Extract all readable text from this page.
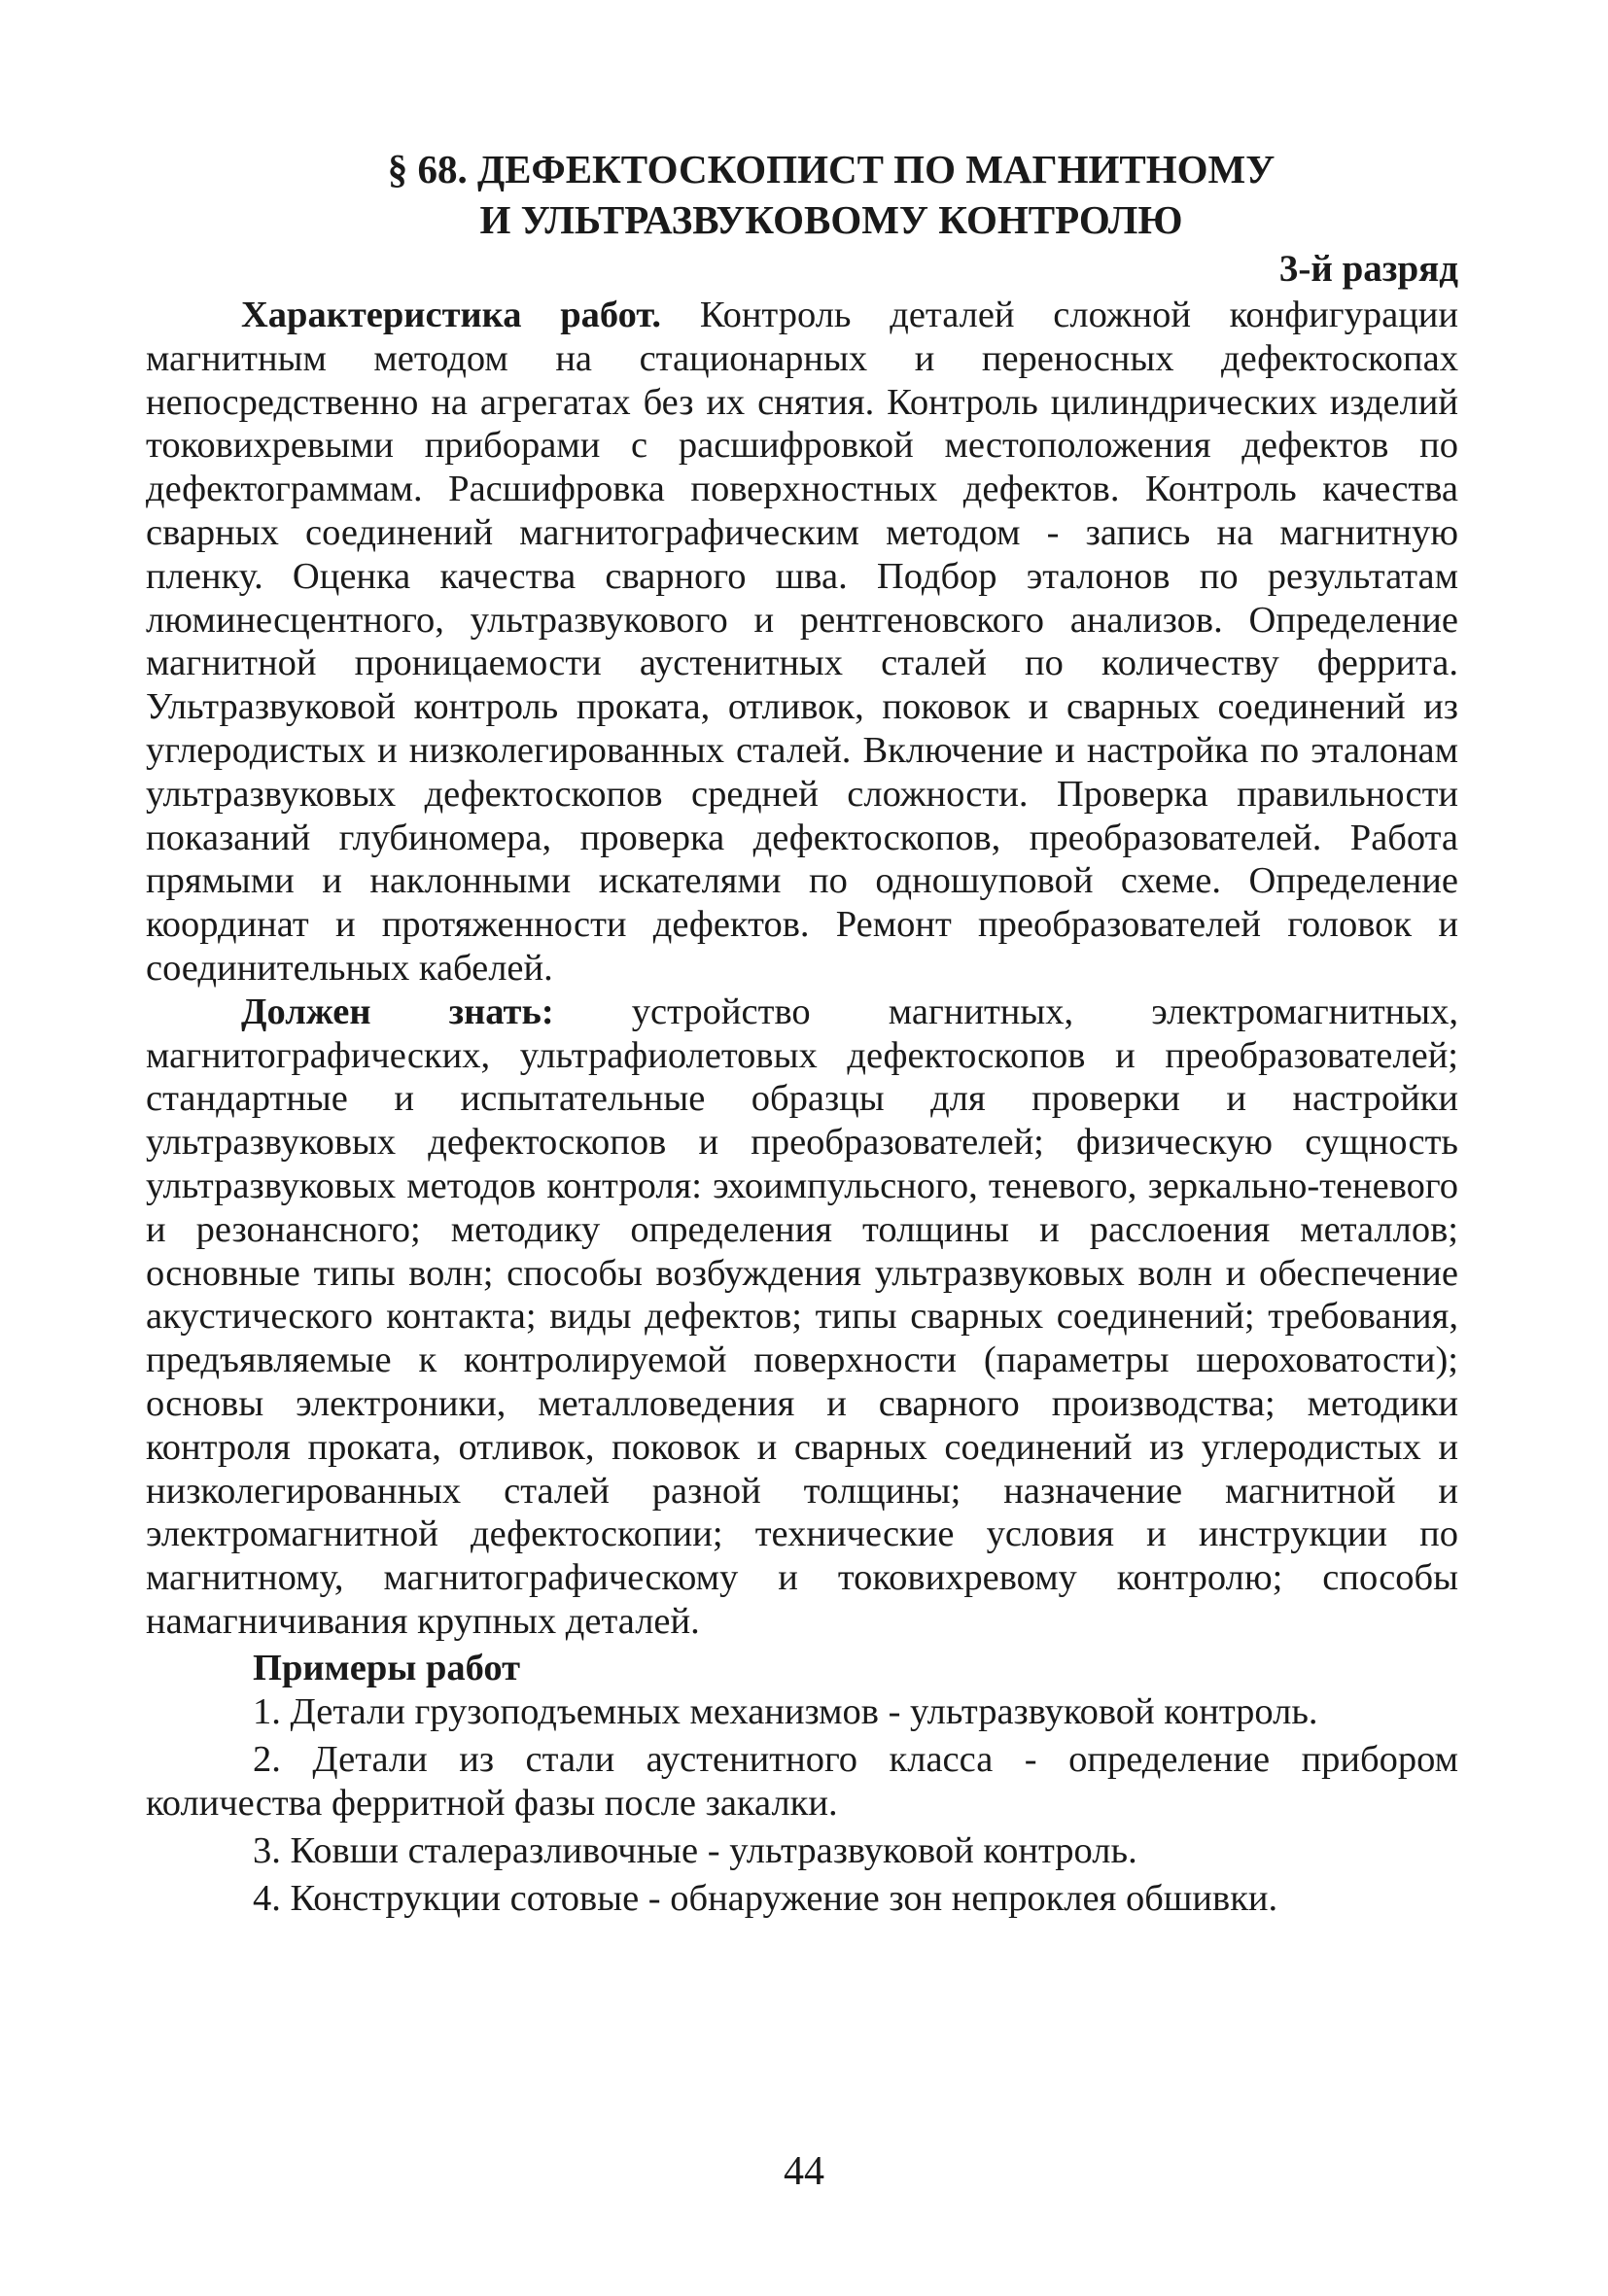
§ 68. ДЕФЕКТОСКОПИСТ ПО МАГНИТНОМУ
И УЛЬТРАЗВУКОВОМУ КОНТРОЛЮ

3-й разряд

Характеристика работ. Контроль деталей сложной конфигурации магнитным методом на стационарных и переносных дефектоскопах непосредственно на агрегатах без их снятия. Контроль цилиндрических изделий токовихревыми приборами с расшифровкой местоположения дефектов по дефектограммам. Расшифровка поверхностных дефектов. Контроль качества сварных соединений магнитографическим методом - запись на магнитную пленку. Оценка качества сварного шва. Подбор эталонов по результатам люминесцентного, ультразвукового и рентгеновского анализов. Определение магнитной проницаемости аустенитных сталей по количеству феррита. Ультразвуковой контроль проката, отливок, поковок и сварных соединений из углеродистых и низколегированных сталей. Включение и настройка по эталонам ультразвуковых дефектоскопов средней сложности. Проверка правильности показаний глубиномера, проверка дефектоскопов, преобразователей. Работа прямыми и наклонными искателями по одношуповой схеме. Определение координат и протяженности дефектов. Ремонт преобразователей головок и соединительных кабелей.

Должен знать: устройство магнитных, электромагнитных, магнитографических, ультрафиолетовых дефектоскопов и преобразователей; стандартные и испытательные образцы для проверки и настройки ультразвуковых дефектоскопов и преобразователей; физическую сущность ультразвуковых методов контроля: эхоимпульсного, теневого, зеркально-теневого и резонансного; методику определения толщины и расслоения металлов; основные типы волн; способы возбуждения ультразвуковых волн и обеспечение акустического контакта; виды дефектов; типы сварных соединений; требования, предъявляемые к контролируемой поверхности (параметры шероховатости); основы электроники, металловедения и сварного производства; методики контроля проката, отливок, поковок и сварных соединений из углеродистых и низколегированных сталей разной толщины; назначение магнитной и электромагнитной дефектоскопии; технические условия и инструкции по магнитному, магнитографическому и токовихревому контролю; способы намагничивания крупных деталей.

Примеры работ

1. Детали грузоподъемных механизмов - ультразвуковой контроль.
2. Детали из стали аустенитного класса - определение прибором количества ферритной фазы после закалки.
3. Ковши сталеразливочные - ультразвуковой контроль.
4. Конструкции сотовые - обнаружение зон непроклея обшивки.
44
